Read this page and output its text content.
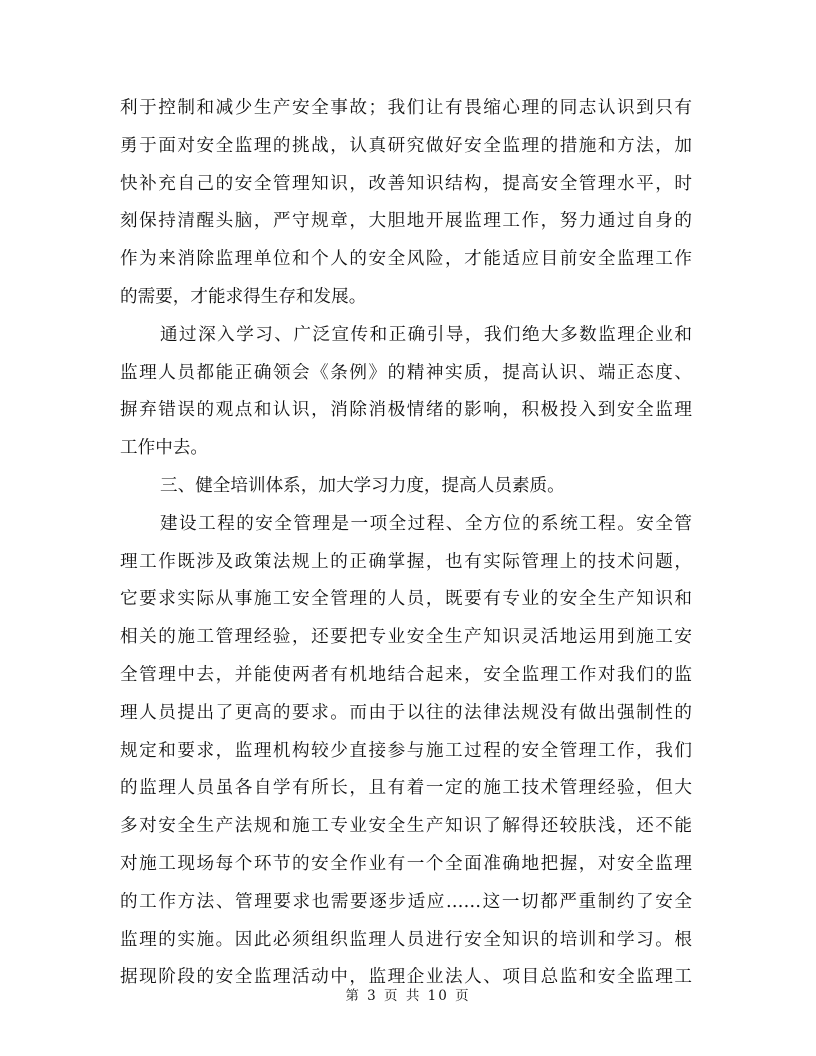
利于控制和减少生产安全事故；我们让有畏缩心理的同志认识到只有
勇于面对安全监理的挑战，认真研究做好安全监理的措施和方法，加
快补充自己的安全管理知识，改善知识结构，提高安全管理水平，时
刻保持清醒头脑，严守规章，大胆地开展监理工作，努力通过自身的
作为来消除监理单位和个人的安全风险，才能适应目前安全监理工作
的需要，才能求得生存和发展。
通过深入学习、广泛宣传和正确引导，我们绝大多数监理企业和
监理人员都能正确领会《条例》的精神实质，提高认识、端正态度、
摒弃错误的观点和认识，消除消极情绪的影响，积极投入到安全监理
工作中去。
三、健全培训体系，加大学习力度，提高人员素质。
建设工程的安全管理是一项全过程、全方位的系统工程。安全管
理工作既涉及政策法规上的正确掌握，也有实际管理上的技术问题，
它要求实际从事施工安全管理的人员，既要有专业的安全生产知识和
相关的施工管理经验，还要把专业安全生产知识灵活地运用到施工安
全管理中去，并能使两者有机地结合起来，安全监理工作对我们的监
理人员提出了更高的要求。而由于以往的法律法规没有做出强制性的
规定和要求，监理机构较少直接参与施工过程的安全管理工作，我们
的监理人员虽各自学有所长，且有着一定的施工技术管理经验，但大
多对安全生产法规和施工专业安全生产知识了解得还较肤浅，还不能
对施工现场每个环节的安全作业有一个全面准确地把握，对安全监理
的工作方法、管理要求也需要逐步适应……这一切都严重制约了安全
监理的实施。因此必须组织监理人员进行安全知识的培训和学习。根
据现阶段的安全监理活动中，监理企业法人、项目总监和安全监理工
第 3 页 共 10 页
